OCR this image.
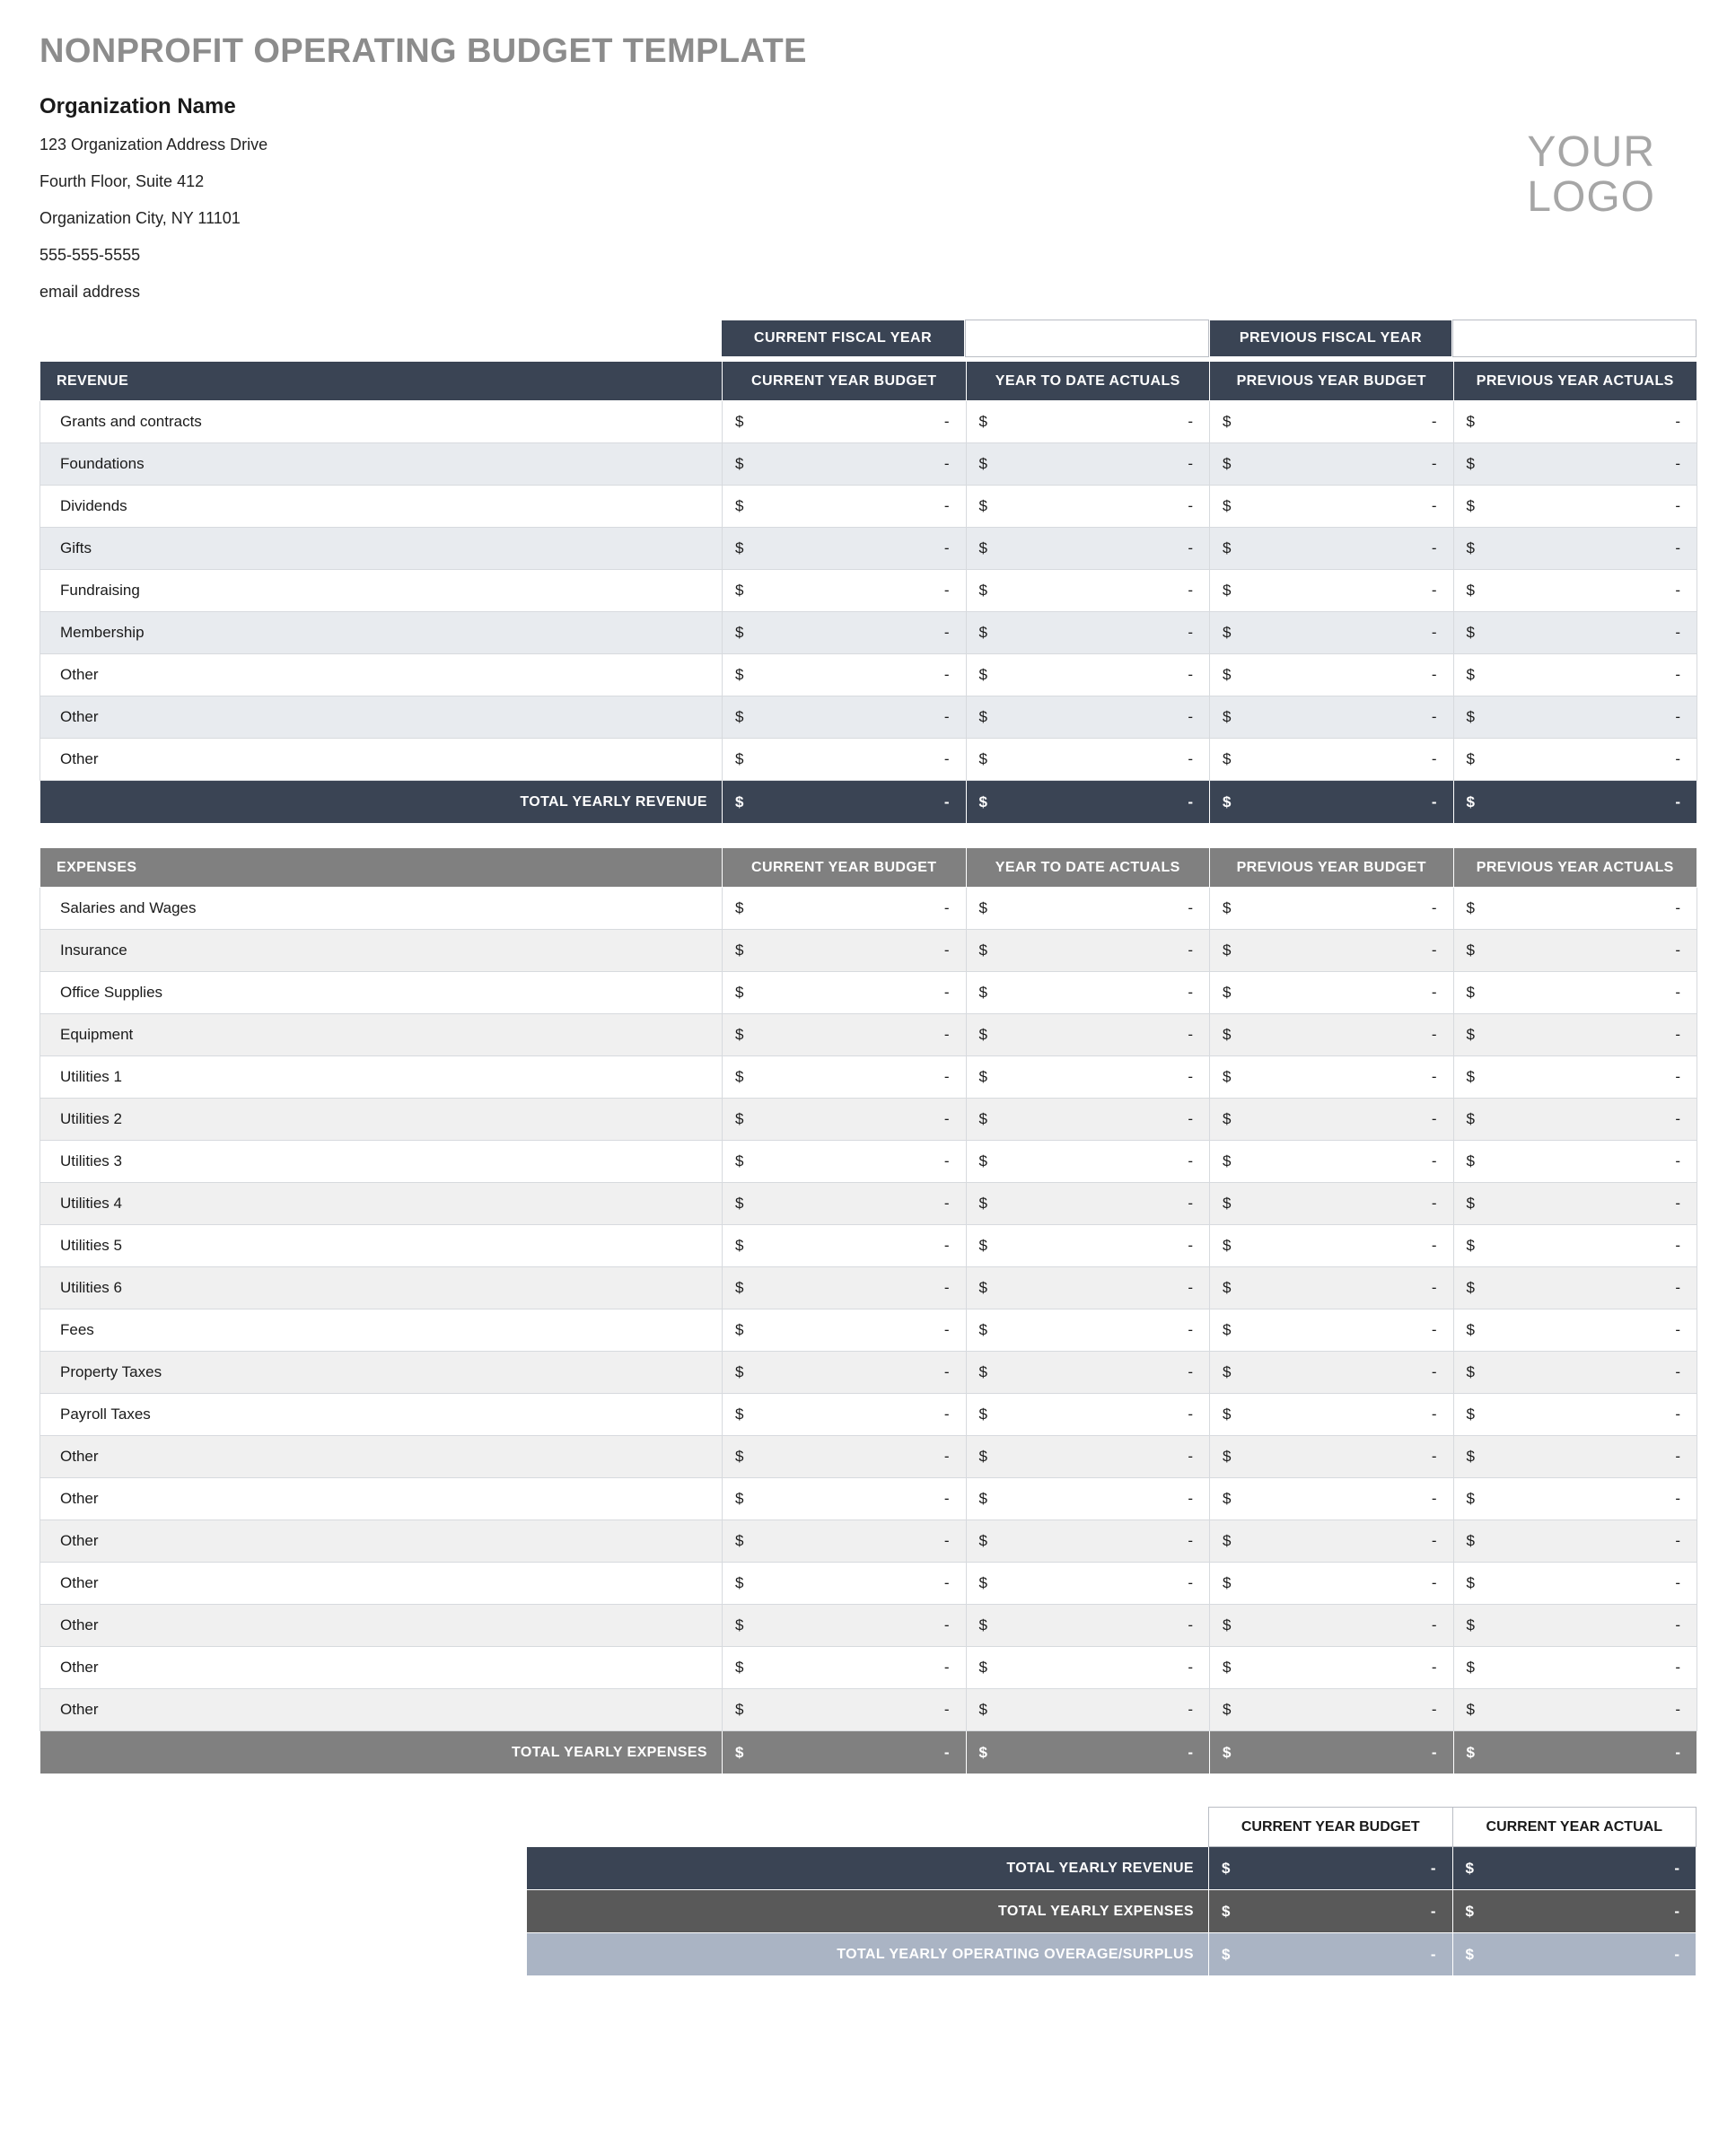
NONPROFIT OPERATING BUDGET TEMPLATE
Organization Name
123 Organization Address Drive
Fourth Floor, Suite 412
Organization City, NY 11101
555-555-5555
email address
YOUR
LOGO
CURRENT FISCAL YEAR	PREVIOUS FISCAL YEAR
REVENUE	CURRENT YEAR BUDGET	YEAR TO DATE ACTUALS	PREVIOUS YEAR BUDGET	PREVIOUS YEAR ACTUALS
Grants and contracts	$ -	$ -	$ -	$ -

Foundations	$ -	$ -	$ -	$ -

Dividends	$ -	$ -	$ -	$ -

Gifts	$ -	$ -	$ -	$ -

Fundraising	$ -	$ -	$ -	$ -

Membership	$ -	$ -	$ -	$ -

Other	$ -	$ -	$ -	$ -

Other	$ -	$ -	$ -	$ -

Other	$ -	$ -	$ -	$ -

TOTAL YEARLY REVENUE	$ -	$ -	$ -	$ -
EXPENSES	CURRENT YEAR BUDGET	YEAR TO DATE ACTUALS	PREVIOUS YEAR BUDGET	PREVIOUS YEAR ACTUALS
Salaries and Wages	$ -	$ -	$ -	$ -

Insurance	$ -	$ -	$ -	$ -

Office Supplies	$ -	$ -	$ -	$ -

Equipment	$ -	$ -	$ -	$ -

Utilities 1	$ -	$ -	$ -	$ -

Utilities 2	$ -	$ -	$ -	$ -

Utilities 3	$ -	$ -	$ -	$ -

Utilities 4	$ -	$ -	$ -	$ -

Utilities 5	$ -	$ -	$ -	$ -

Utilities 6	$ -	$ -	$ -	$ -

Fees	$ -	$ -	$ -	$ -

Property Taxes	$ -	$ -	$ -	$ -

Payroll Taxes	$ -	$ -	$ -	$ -

Other	$ -	$ -	$ -	$ -

Other	$ -	$ -	$ -	$ -

Other	$ -	$ -	$ -	$ -

Other	$ -	$ -	$ -	$ -

Other	$ -	$ -	$ -	$ -

Other	$ -	$ -	$ -	$ -

Other	$ -	$ -	$ -	$ -

TOTAL YEARLY EXPENSES	$ -	$ -	$ -	$ -
	CURRENT YEAR BUDGET	CURRENT YEAR ACTUAL
TOTAL YEARLY REVENUE	$ -	$ -

TOTAL YEARLY EXPENSES	$ -	$ -

TOTAL YEARLY OPERATING OVERAGE/SURPLUS	$ -	$ -
